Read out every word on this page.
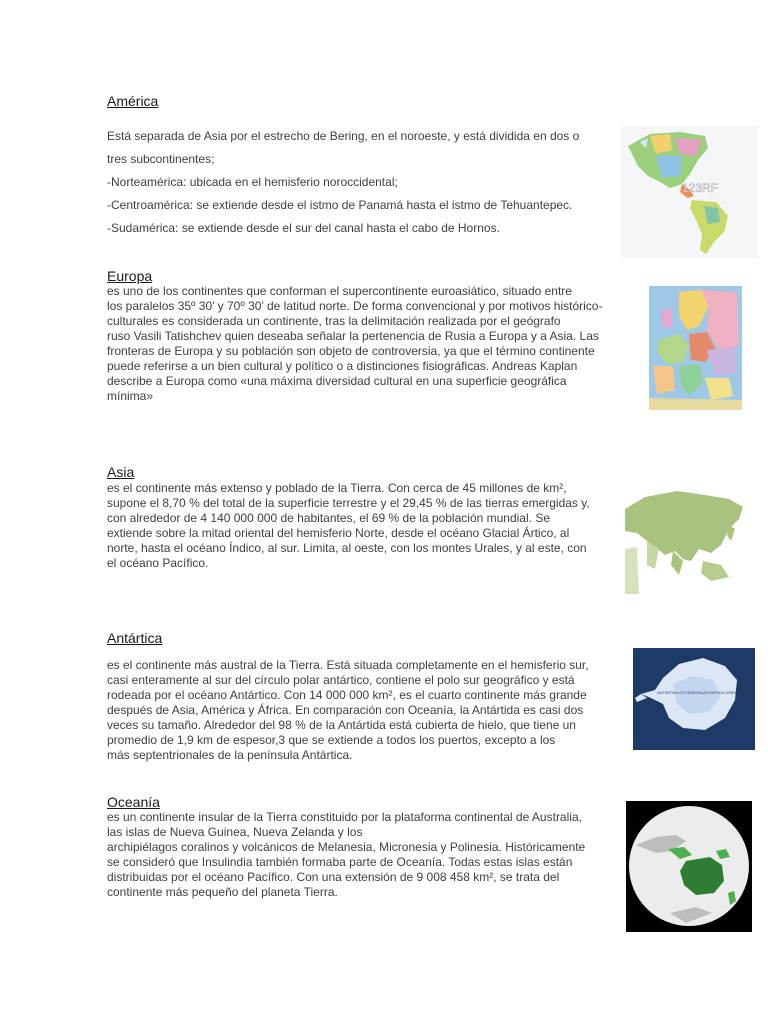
América
Está separada de Asia por el estrecho de Bering, en el noroeste, y está dividida en dos o
tres subcontinentes;
-Norteamérica: ubicada en el hemisferio noroccidental;
-Centroamérica: se extiende desde el istmo de Panamá hasta el istmo de Tehuantepec.
-Sudamérica: se extiende desde el sur del canal hasta el cabo de Hornos.
123RF
Europa
es uno de los continentes que conforman el supercontinente euroasiático, situado entre
los paralelos 35º 30’ y 70º 30’ de latitud norte. De forma convencional y por motivos histórico-
culturales es considerada un continente, tras la delimitación realizada por el geógrafo
ruso Vasili Tatishchev quien deseaba señalar la pertenencia de Rusia a Europa y a Asia. Las
fronteras de Europa y su población son objeto de controversia, ya que el término continente
puede referirse a un bien cultural y político o a distinciones fisiográficas. Andreas Kaplan
describe a Europa como «una máxima diversidad cultural en una superficie geográfica
mínima»
Asia
es el continente más extenso y poblado de la Tierra. Con cerca de 45 millones de km²,
supone el 8,70 % del total de la superficie terrestre y el 29,45 % de las tierras emergidas y,
con alrededor de 4 140 000 000 de habitantes, el 69 % de la población mundial. Se
extiende sobre la mitad oriental del hemisferio Norte, desde el océano Glacial Ártico, al
norte, hasta el océano Índico, al sur. Limita, al oeste, con los montes Urales, y al este, con
el océano Pacífico.
Antártica
es el continente más austral de la Tierra. Está situada completamente en el hemisferio sur,
casi enteramente al sur del círculo polar antártico, contiene el polo sur geográfico y está
rodeada por el océano Antártico. Con 14 000 000 km², es el cuarto continente más grande
después de Asia, América y África. En comparación con Oceanía, la Antártida es casi dos
veces su tamaño. Alrededor del 98 % de la Antártida está cubierta de hielo, que tiene un
promedio de 1,9 km de espesor,3 que se extiende a todos los puertos, excepto a los
más septentrionales de la península Antártica.
ANTÁRTIDA OCCIDENTAL ANTÁRTIDA ORIENTAL
Oceanía
es un continente insular de la Tierra constituido por la plataforma continental de Australia,
las islas de Nueva Guinea, Nueva Zelanda y los
archipiélagos coralinos y volcánicos de Melanesia, Micronesia y Polinesia. Históricamente
se consideró que Insulindia también formaba parte de Oceanía. Todas estas islas están
distribuidas por el océano Pacífico. Con una extensión de 9 008 458 km², se trata del
continente más pequeño del planeta Tierra.
